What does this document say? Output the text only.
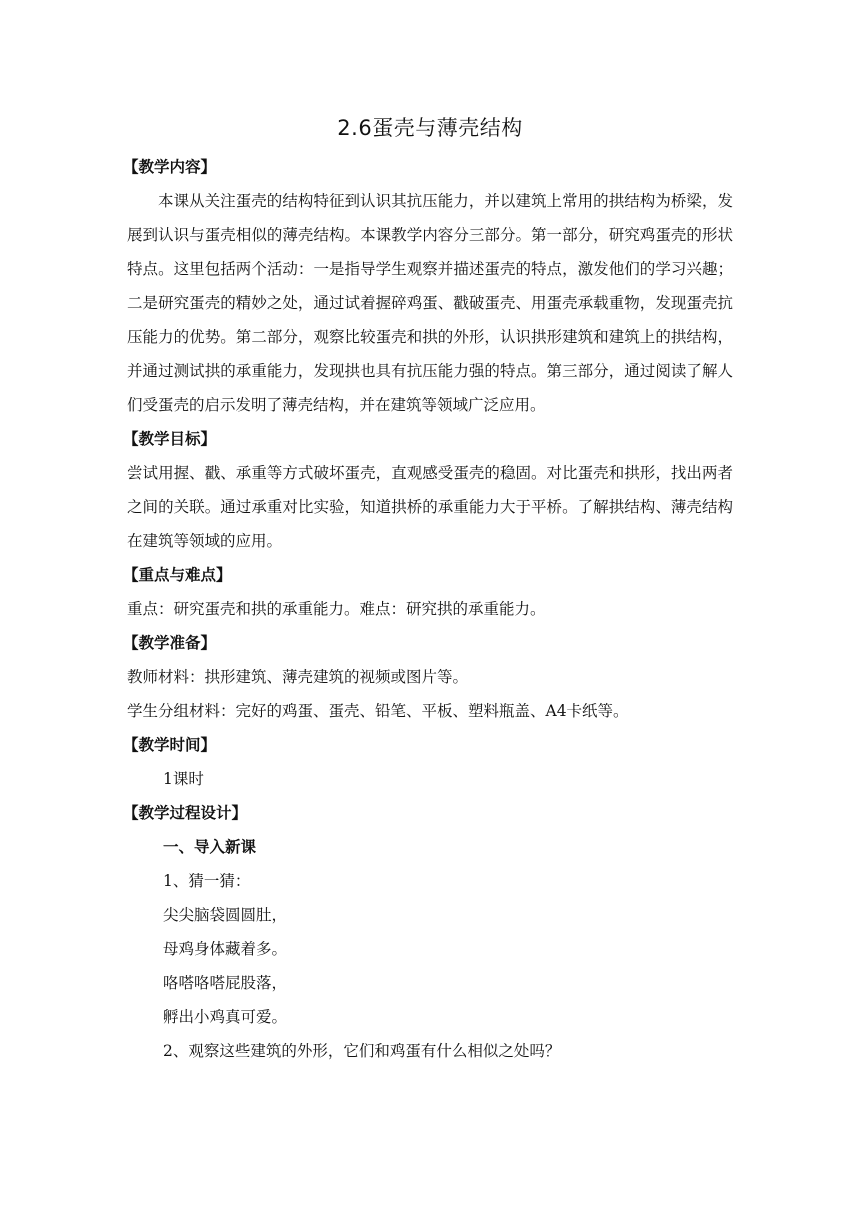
2.6蛋壳与薄壳结构
【教学内容】
本课从关注蛋壳的结构特征到认识其抗压能力，并以建筑上常用的拱结构为桥梁，发展到认识与蛋壳相似的薄壳结构。本课教学内容分三部分。第一部分，研究鸡蛋壳的形状特点。这里包括两个活动：一是指导学生观察并描述蛋壳的特点，激发他们的学习兴趣；二是研究蛋壳的精妙之处，通过试着握碎鸡蛋、戳破蛋壳、用蛋壳承载重物，发现蛋壳抗压能力的优势。第二部分，观察比较蛋壳和拱的外形，认识拱形建筑和建筑上的拱结构，并通过测试拱的承重能力，发现拱也具有抗压能力强的特点。第三部分，通过阅读了解人们受蛋壳的启示发明了薄壳结构，并在建筑等领域广泛应用。
【教学目标】
尝试用握、戳、承重等方式破坏蛋壳，直观感受蛋壳的稳固。对比蛋壳和拱形，找出两者之间的关联。通过承重对比实验，知道拱桥的承重能力大于平桥。了解拱结构、薄壳结构在建筑等领域的应用。
【重点与难点】
重点：研究蛋壳和拱的承重能力。难点：研究拱的承重能力。
【教学准备】
教师材料：拱形建筑、薄壳建筑的视频或图片等。
学生分组材料：完好的鸡蛋、蛋壳、铅笔、平板、塑料瓶盖、A4卡纸等。
【教学时间】
1课时
【教学过程设计】
一、导入新课
1、猜一猜：
尖尖脑袋圆圆肚，
母鸡身体藏着多。
咯嗒咯嗒屁股落，
孵出小鸡真可爱。
2、观察这些建筑的外形，它们和鸡蛋有什么相似之处吗？
